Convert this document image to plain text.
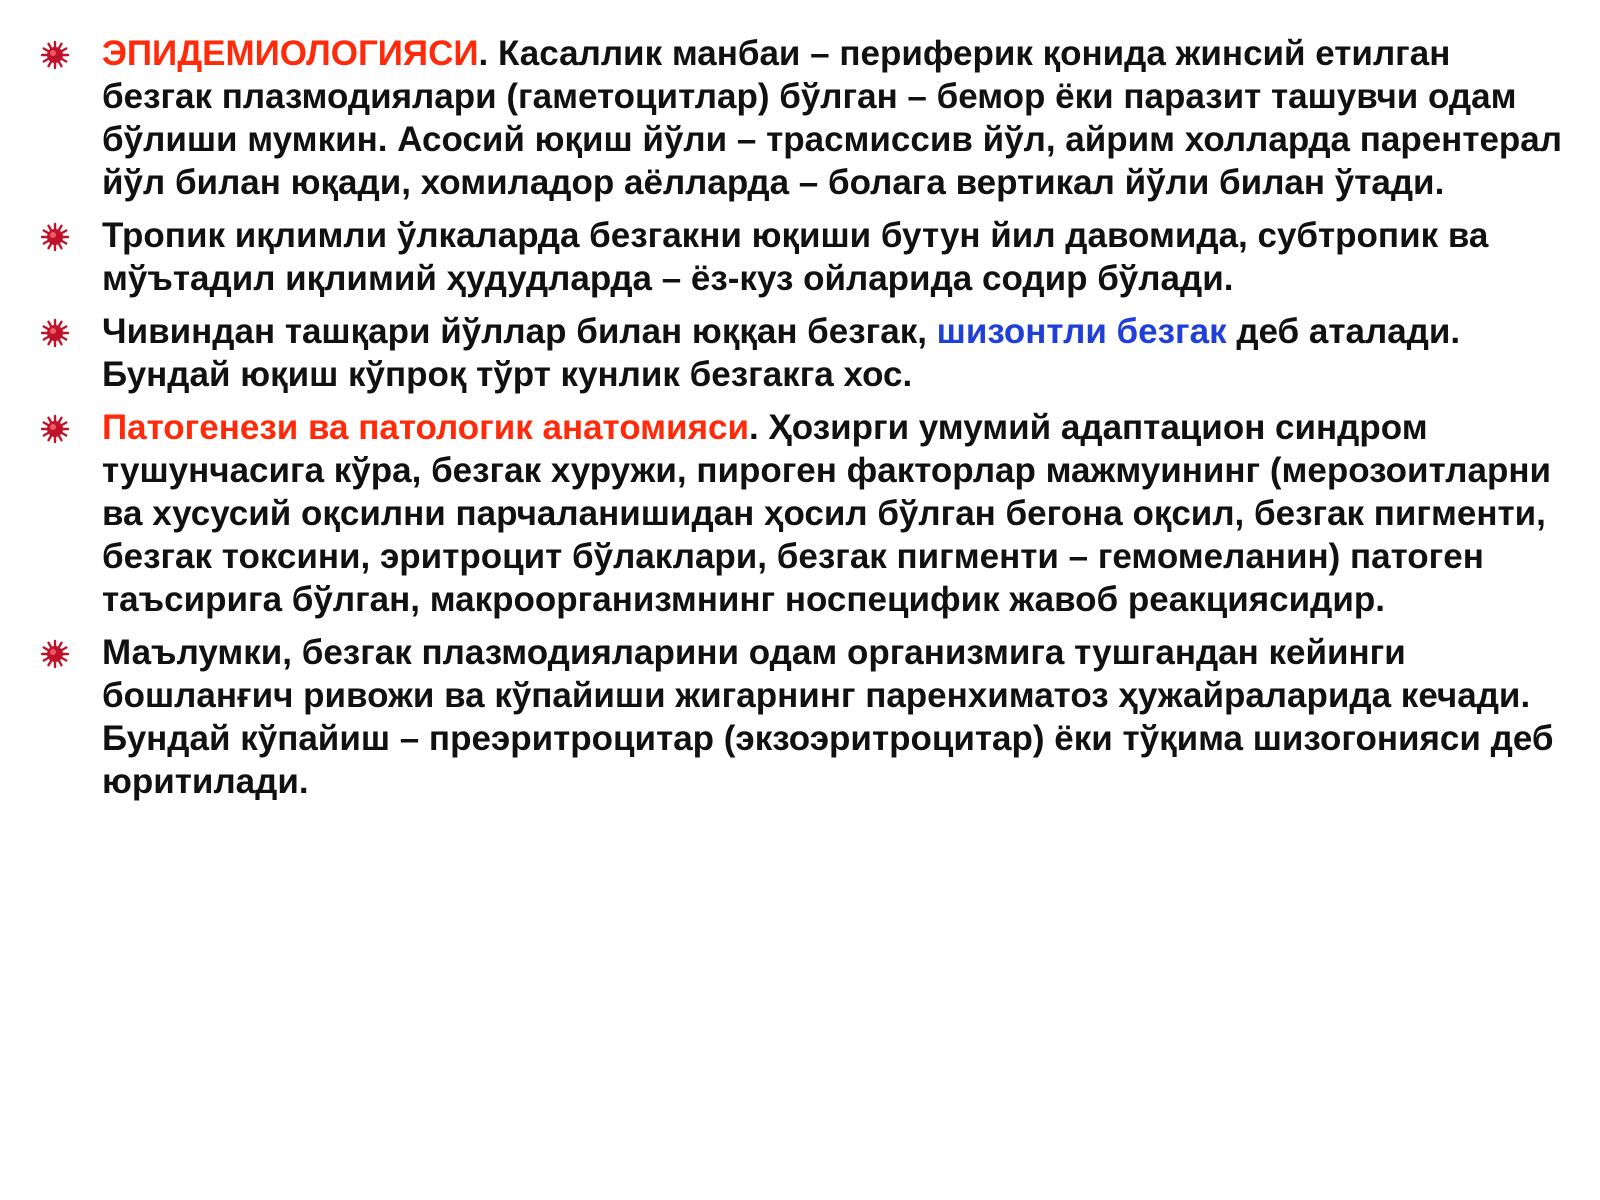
ЭПИДЕМИОЛОГИЯСИ. Касаллик манбаи – периферик қонида жинсий етилган безгак плазмодиялари (гаметоцитлар) бўлган – бемор ёки паразит ташувчи одам бўлиши мумкин. Асосий юқиш йўли – трасмиссив йўл, айрим холларда парентерал йўл билан юқади, хомиладор аёлларда – болага вертикал йўли билан ўтади.
Тропик иқлимли ўлкаларда безгакни юқиши бутун йил давомида, субтропик ва мўътадил иқлимий ҳудудларда – ёз-куз ойларида содир бўлади.
Чивиндан ташқари йўллар билан юққан безгак, шизонтли безгак деб аталади. Бундай юқиш кўпроқ тўрт кунлик безгакга хос.
Патогенези ва патологик анатомияси. Ҳозирги умумий адаптацион синдром тушунчасига кўра, безгак хуружи, пироген факторлар мажмуининг (мерозоитларни ва хусусий оқсилни парчаланишидан ҳосил бўлган бегона оқсил, безгак пигменти, безгак токсини, эритроцит бўлаклари, безгак пигменти – гемомеланин) патоген таъсирига бўлган, макроорганизмнинг носпецифик жавоб реакциясидир.
Маълумки, безгак плазмодияларини одам организмига тушгандан кейинги бошланғич ривожи ва кўпайиши жигарнинг паренхиматоз ҳужайраларида кечади. Бундай кўпайиш – преэритроцитар (экзоэритроцитар) ёки тўқима шизогонияси деб юритилади.
